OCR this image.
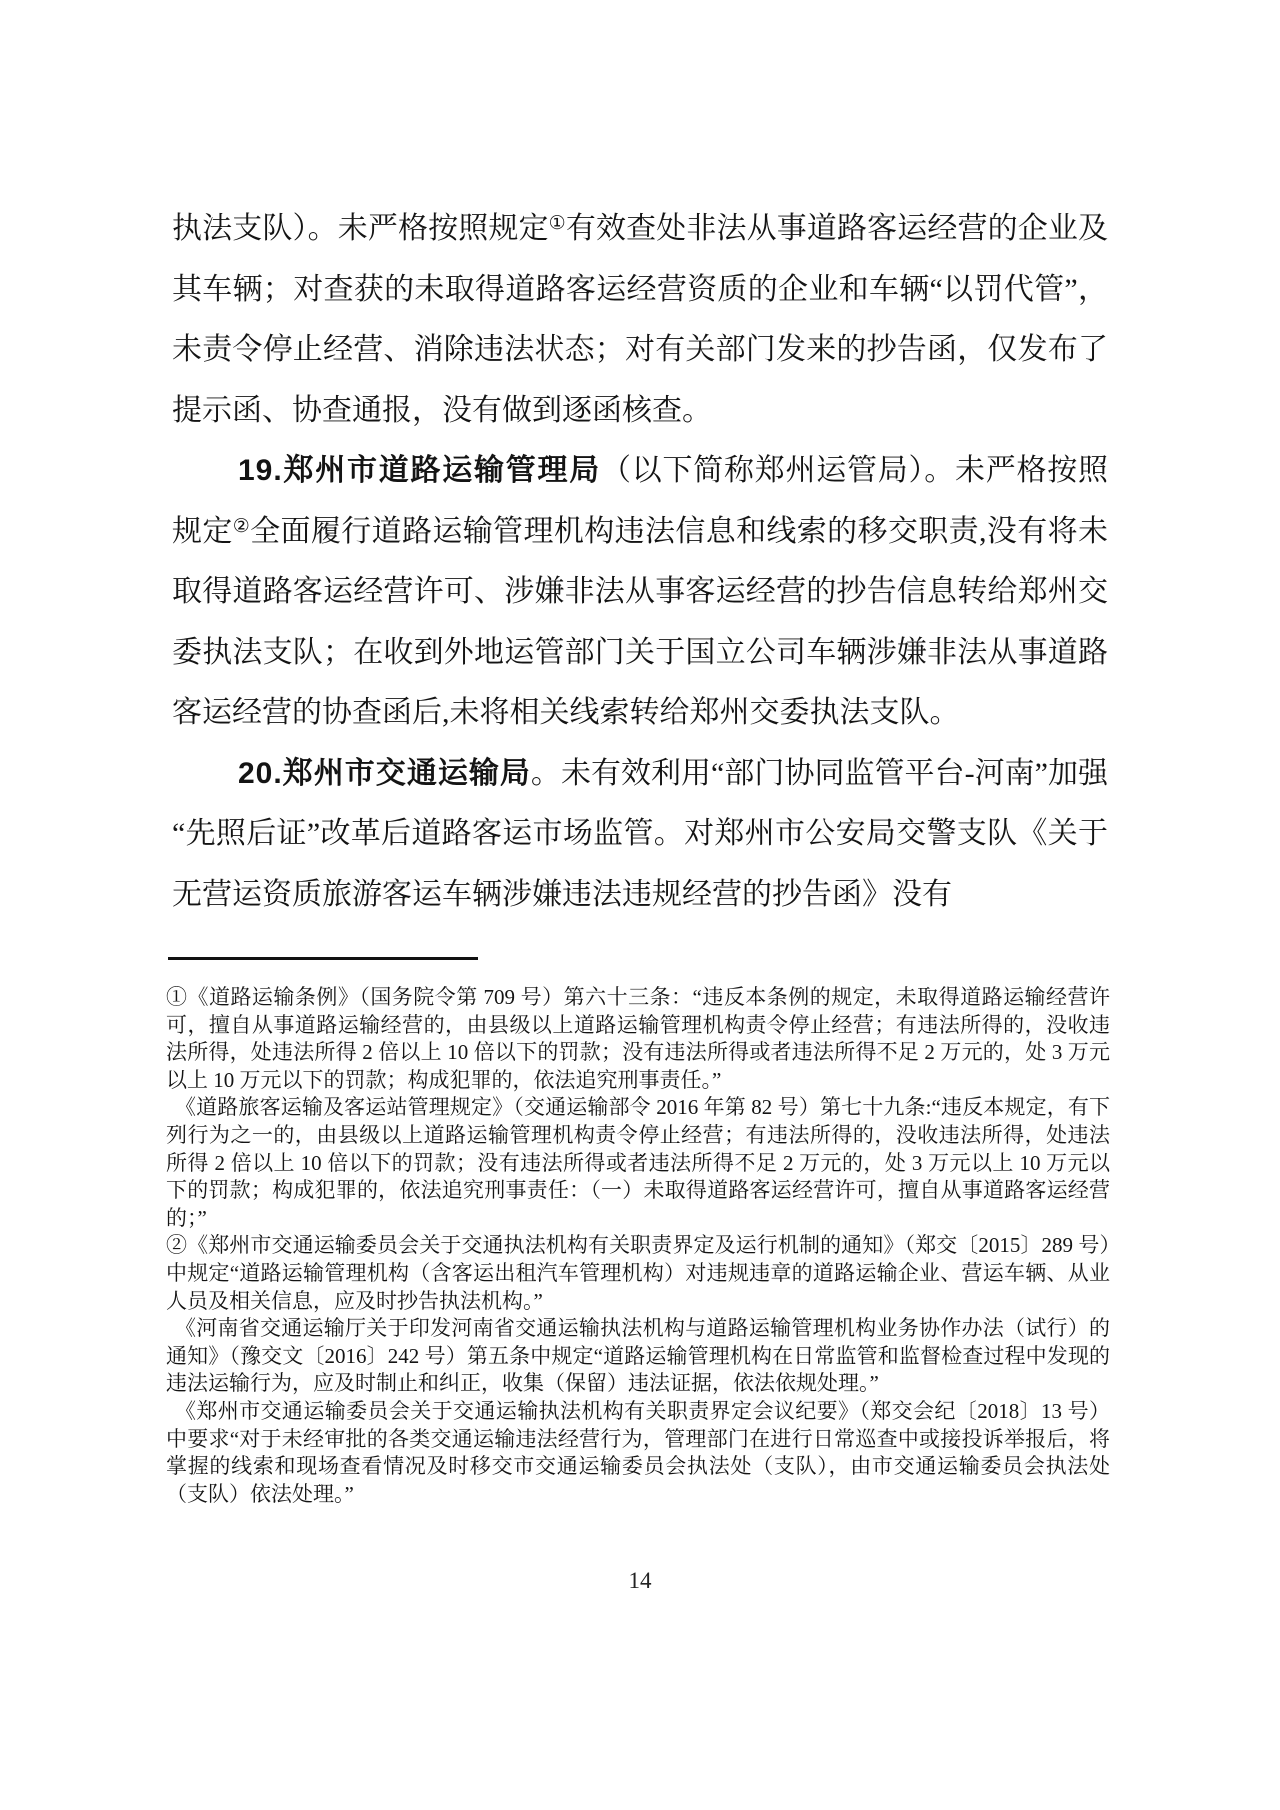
执法支队）。未严格按照规定①有效查处非法从事道路客运经营的企业及其车辆；对查获的未取得道路客运经营资质的企业和车辆“以罚代管”，未责令停止经营、消除违法状态；对有关部门发来的抄告函，仅发布了提示函、协查通报，没有做到逐函核查。

19.郑州市道路运输管理局（以下简称郑州运管局）。未严格按照规定②全面履行道路运输管理机构违法信息和线索的移交职责,没有将未取得道路客运经营许可、涉嫌非法从事客运经营的抄告信息转给郑州交委执法支队；在收到外地运管部门关于国立公司车辆涉嫌非法从事道路客运经营的协查函后,未将相关线索转给郑州交委执法支队。

20.郑州市交通运输局。未有效利用“部门协同监管平台-河南”加强“先照后证”改革后道路客运市场监管。对郑州市公安局交警支队《关于无营运资质旅游客运车辆涉嫌违法违规经营的抄告函》没有

①《道路运输条例》（国务院令第 709 号）第六十三条：“违反本条例的规定，未取得道路运输经营许可，擅自从事道路运输经营的，由县级以上道路运输管理机构责令停止经营；有违法所得的，没收违法所得，处违法所得 2 倍以上 10 倍以下的罚款；没有违法所得或者违法所得不足 2 万元的，处 3 万元以上 10 万元以下的罚款；构成犯罪的，依法追究刑事责任。”

《道路旅客运输及客运站管理规定》（交通运输部令 2016 年第 82 号）第七十九条:“违反本规定，有下列行为之一的，由县级以上道路运输管理机构责令停止经营；有违法所得的，没收违法所得，处违法所得 2 倍以上 10 倍以下的罚款；没有违法所得或者违法所得不足 2 万元的，处 3 万元以上 10 万元以下的罚款；构成犯罪的，依法追究刑事责任：（一）未取得道路客运经营许可，擅自从事道路客运经营的；”

②《郑州市交通运输委员会关于交通执法机构有关职责界定及运行机制的通知》（郑交〔2015〕289 号）中规定“道路运输管理机构（含客运出租汽车管理机构）对违规违章的道路运输企业、营运车辆、从业人员及相关信息，应及时抄告执法机构。”

《河南省交通运输厅关于印发河南省交通运输执法机构与道路运输管理机构业务协作办法（试行）的通知》（豫交文〔2016〕242 号）第五条中规定“道路运输管理机构在日常监管和监督检查过程中发现的违法运输行为，应及时制止和纠正，收集（保留）违法证据，依法依规处理。”

《郑州市交通运输委员会关于交通运输执法机构有关职责界定会议纪要》（郑交会纪〔2018〕13 号）中要求“对于未经审批的各类交通运输违法经营行为，管理部门在进行日常巡查中或接投诉举报后，将掌握的线索和现场查看情况及时移交市交通运输委员会执法处（支队），由市交通运输委员会执法处（支队）依法处理。”

14
